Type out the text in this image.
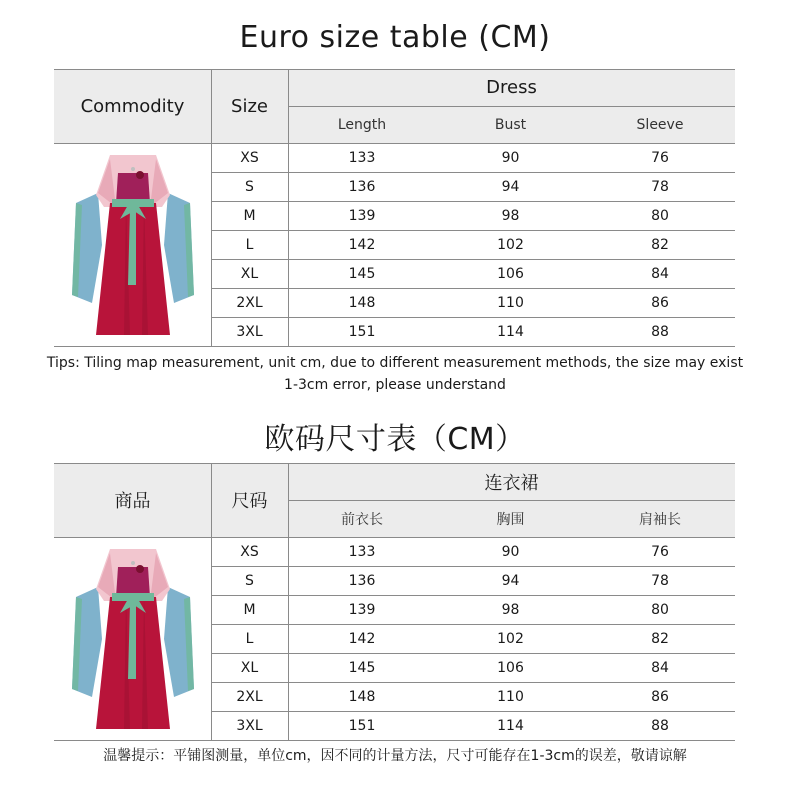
Euro size table (CM)
Commodity	Size
Dress
Length	Bust	Sleeve
XS	133	90	76
S	136	94	78
M	139	98	80
L	142	102	82
XL	145	106	84
2XL	148	110	86
3XL	151	114	88
Tips: Tiling map measurement, unit cm, due to different measurement methods, the size may exist 1-3cm error, please understand
欧码尺寸表（CM）
商品	尺码
连衣裙
前衣长	胸围	肩袖长
XS	133	90	76
S	136	94	78
M	139	98	80
L	142	102	82
XL	145	106	84
2XL	148	110	86
3XL	151	114	88
温馨提示：平铺图测量，单位cm，因不同的计量方法，尺寸可能存在1-3cm的误差，敬请谅解
